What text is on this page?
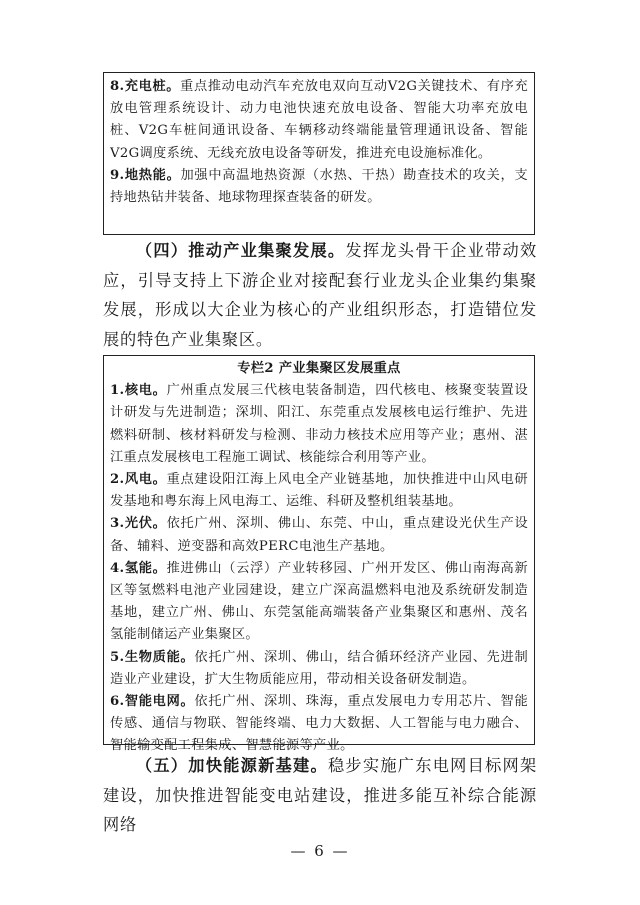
8.充电桩。重点推动电动汽车充放电双向互动V2G关键技术、有序充放电管理系统设计、动力电池快速充放电设备、智能大功率充放电桩、V2G车桩间通讯设备、车辆移动终端能量管理通讯设备、智能V2G调度系统、无线充放电设备等研发，推进充电设施标准化。

9.地热能。加强中高温地热资源（水热、干热）勘查技术的攻关，支持地热钻井装备、地球物理探查装备的研发。

（四）推动产业集聚发展。发挥龙头骨干企业带动效应，引导支持上下游企业对接配套行业龙头企业集约集聚发展，形成以大企业为核心的产业组织形态，打造错位发展的特色产业集聚区。

专栏2 产业集聚区发展重点

1.核电。广州重点发展三代核电装备制造，四代核电、核聚变装置设计研发与先进制造；深圳、阳江、东莞重点发展核电运行维护、先进燃料研制、核材料研发与检测、非动力核技术应用等产业；惠州、湛江重点发展核电工程施工调试、核能综合利用等产业。

2.风电。重点建设阳江海上风电全产业链基地，加快推进中山风电研发基地和粤东海上风电海工、运维、科研及整机组装基地。

3.光伏。依托广州、深圳、佛山、东莞、中山，重点建设光伏生产设备、辅料、逆变器和高效PERC电池生产基地。

4.氢能。推进佛山（云浮）产业转移园、广州开发区、佛山南海高新区等氢燃料电池产业园建设，建立广深高温燃料电池及系统研发制造基地，建立广州、佛山、东莞氢能高端装备产业集聚区和惠州、茂名氢能制储运产业集聚区。

5.生物质能。依托广州、深圳、佛山，结合循环经济产业园、先进制造业产业建设，扩大生物质能应用，带动相关设备研发制造。

6.智能电网。依托广州、深圳、珠海，重点发展电力专用芯片、智能传感、通信与物联、智能终端、电力大数据、人工智能与电力融合、智能输变配工程集成、智慧能源等产业。

（五）加快能源新基建。稳步实施广东电网目标网架建设，加快推进智能变电站建设，推进多能互补综合能源网络

— 6 —
